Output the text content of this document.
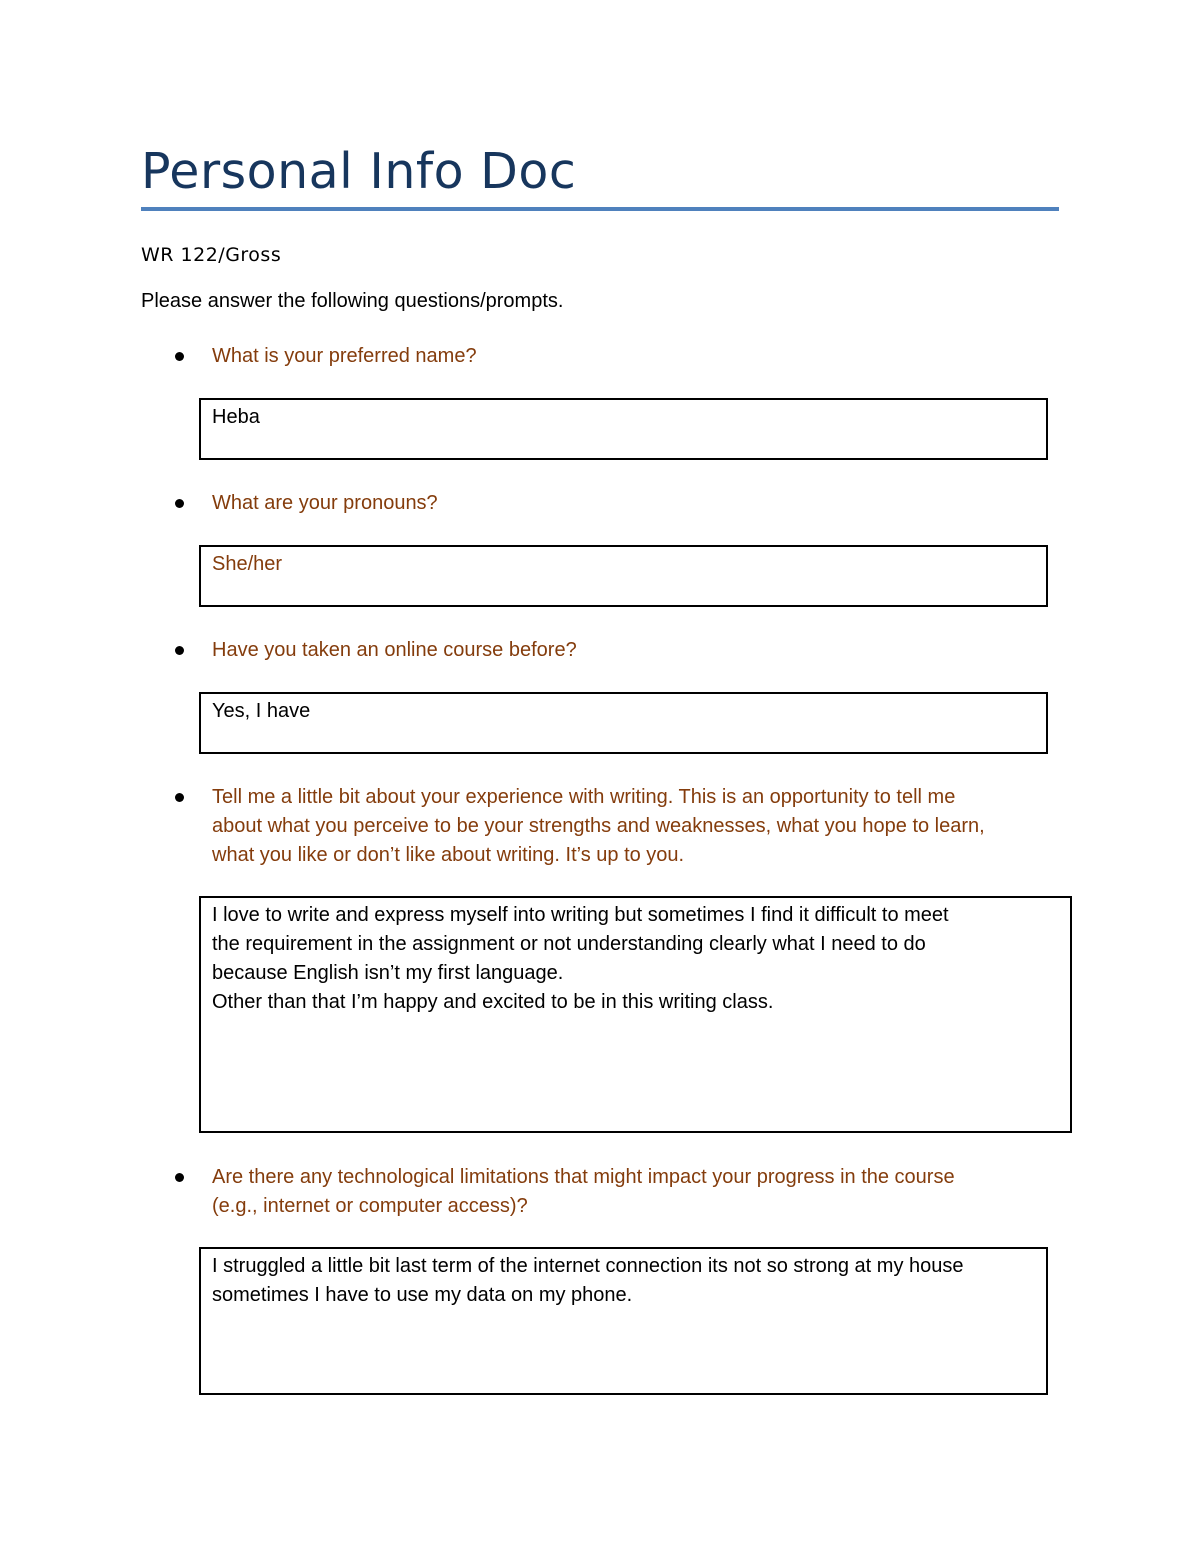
Personal Info Doc
WR 122/Gross
Please answer the following questions/prompts.

What is your preferred name?

Heba

What are your pronouns?

She/her

Have you taken an online course before?

Yes, I have

Tell me a little bit about your experience with writing. This is an opportunity to tell me
about what you perceive to be your strengths and weaknesses, what you hope to learn,
what you like or don’t like about writing. It’s up to you.

I love to write and express myself into writing but sometimes I find it difficult to meet
the requirement in the assignment or not understanding clearly what I need to do
because English isn’t my first language.
Other than that I’m happy and excited to be in this writing class.

Are there any technological limitations that might impact your progress in the course
(e.g., internet or computer access)?

I struggled a little bit last term of the internet connection its not so strong at my house
sometimes I have to use my data on my phone.
